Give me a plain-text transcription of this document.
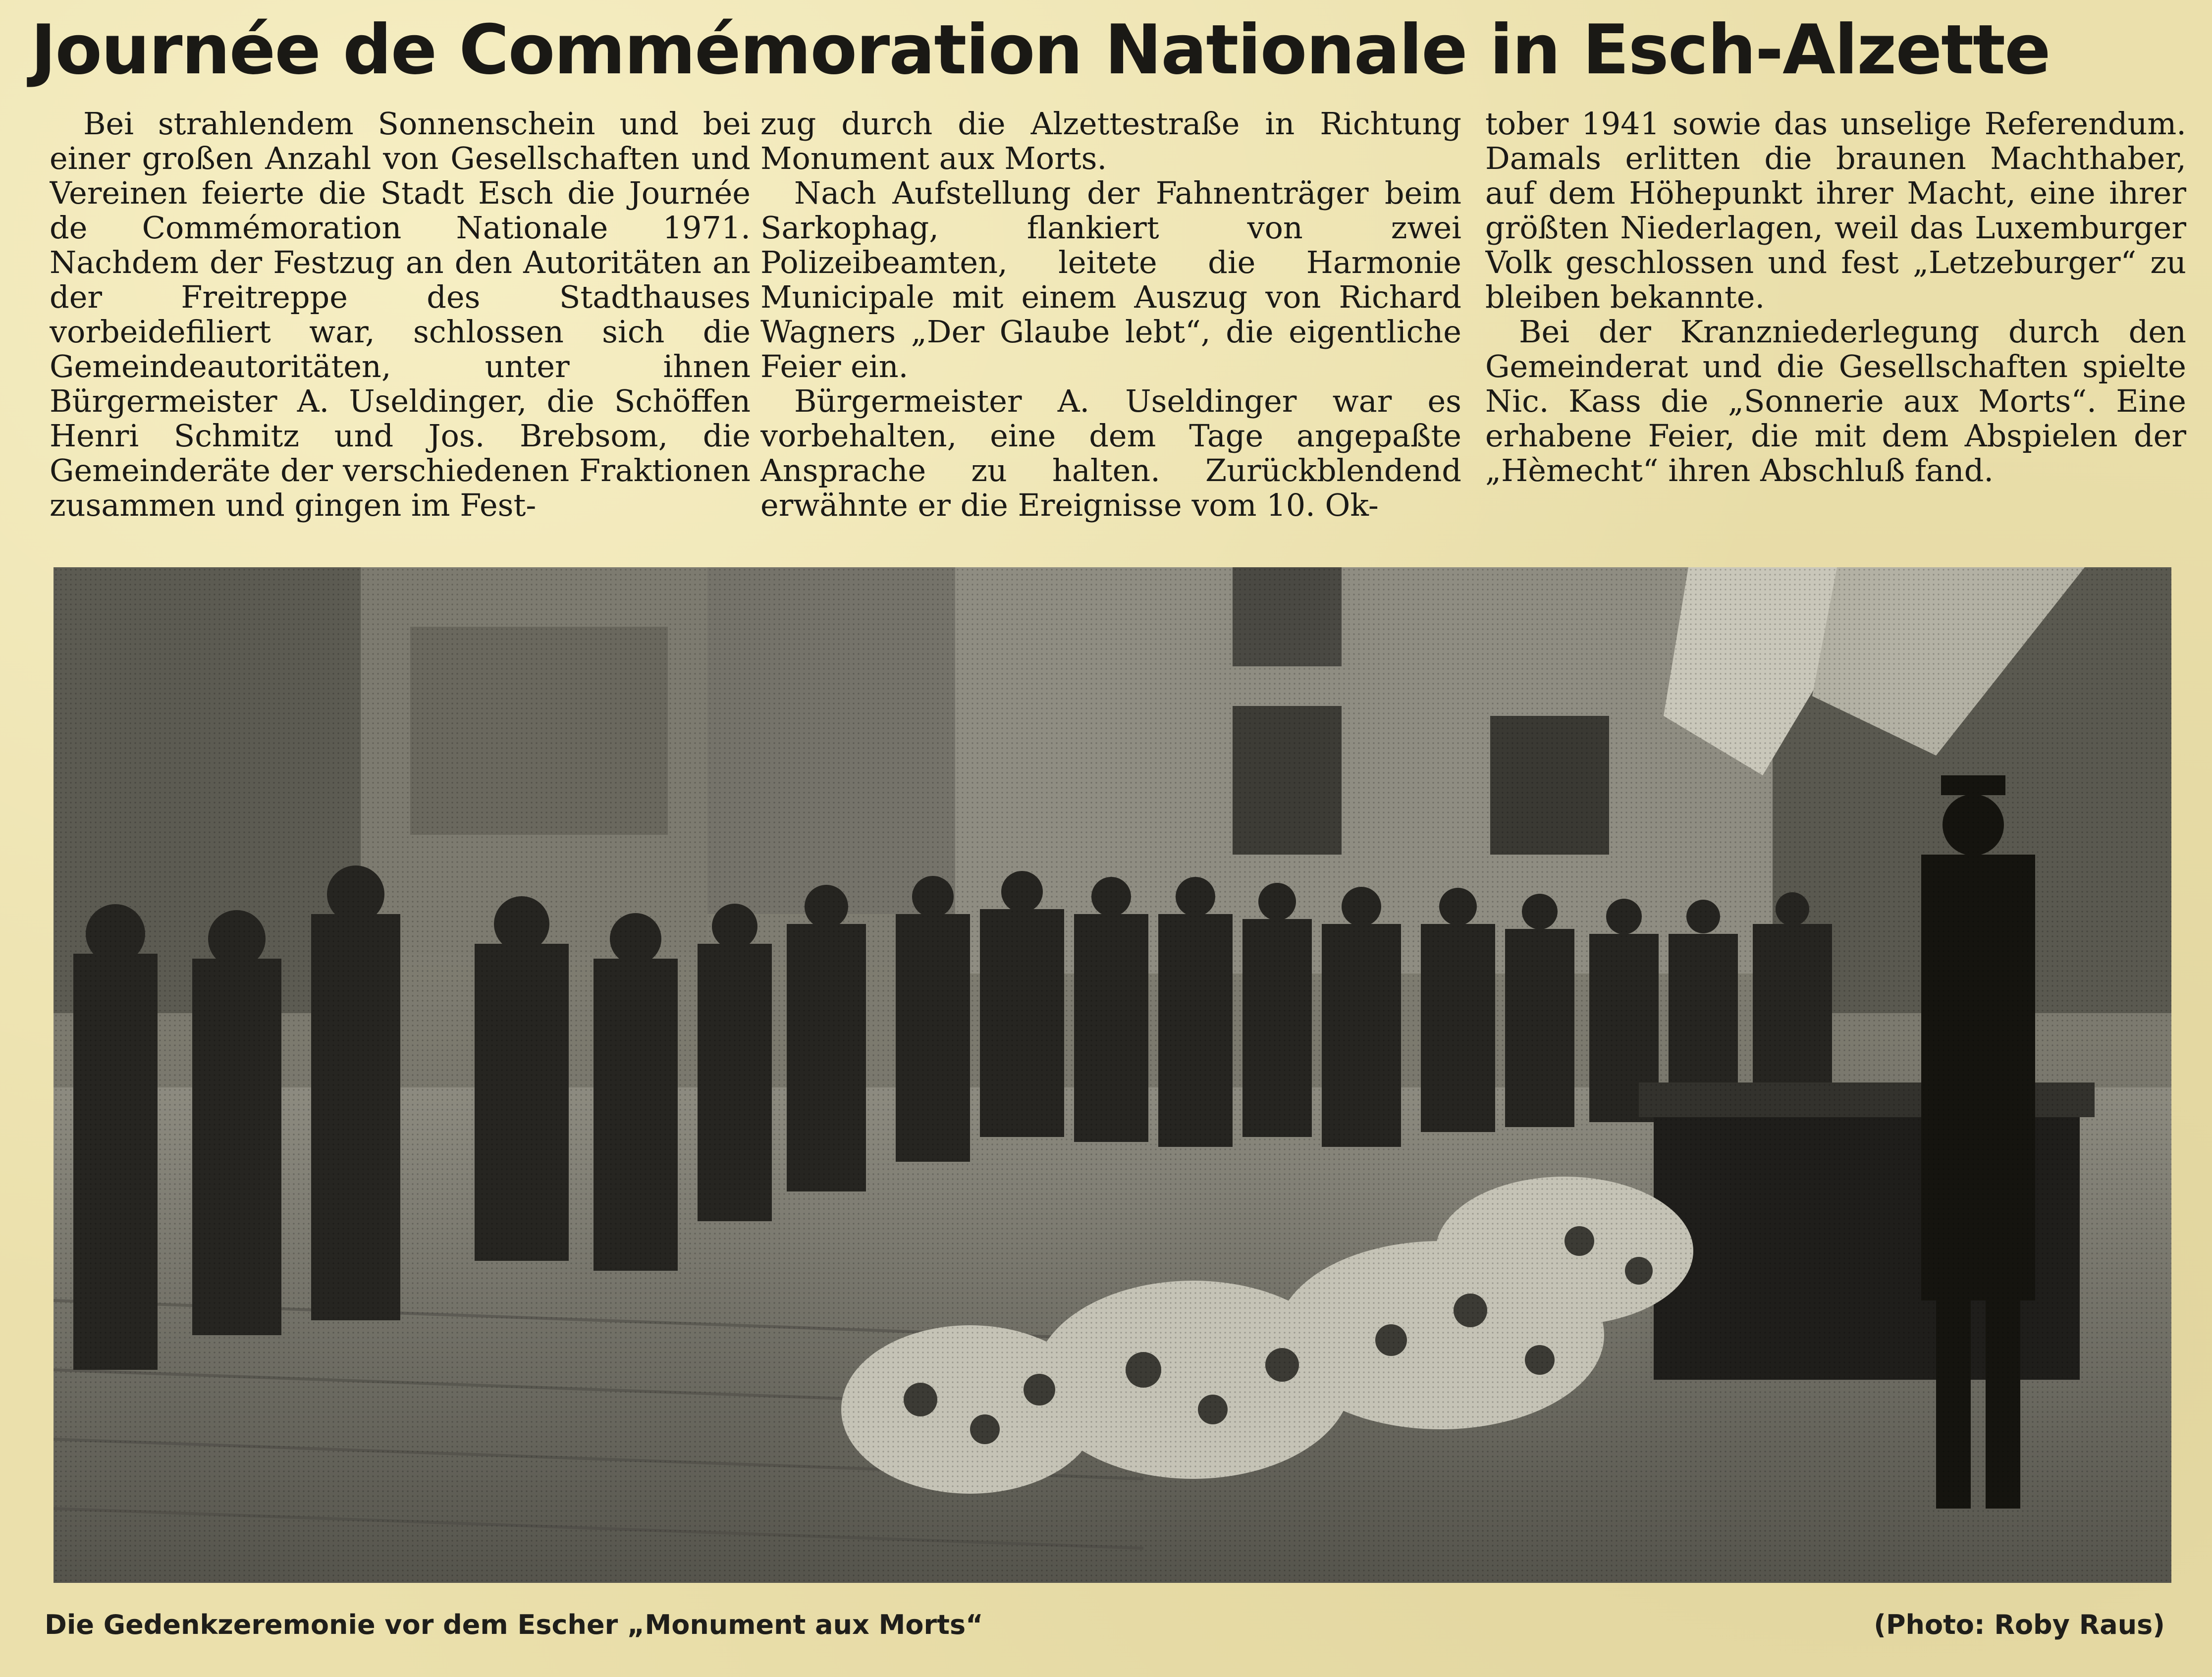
Journée de Commémoration Nationale in Esch-Alzette

Bei strahlendem Sonnenschein und bei einer großen Anzahl von Gesellschaften und Vereinen feierte die Stadt Esch die Journée de Commémoration Nationale 1971. Nachdem der Festzug an den Autoritäten an der Freitreppe des Stadthauses vorbeidefiliert war, schlossen sich die Gemeindeautoritäten, unter ihnen Bürgermeister A. Useldinger, die Schöffen Henri Schmitz und Jos. Brebsom, die Gemeinderäte der verschiedenen Fraktionen zusammen und gingen im Fest-

zug durch die Alzettestraße in Richtung Monument aux Morts.

Nach Aufstellung der Fahnenträger beim Sarkophag, flankiert von zwei Polizeibeamten, leitete die Harmonie Municipale mit einem Auszug von Richard Wagners „Der Glaube lebt“, die eigentliche Feier ein.

Bürgermeister A. Useldinger war es vorbehalten, eine dem Tage angepaßte Ansprache zu halten. Zurückblendend erwähnte er die Ereignisse vom 10. Ok-

tober 1941 sowie das unselige Referendum. Damals erlitten die braunen Machthaber, auf dem Höhepunkt ihrer Macht, eine ihrer größten Niederlagen, weil das Luxemburger Volk geschlossen und fest „Letzeburger“ zu bleiben bekannte.

Bei der Kranzniederlegung durch den Gemeinderat und die Gesellschaften spielte Nic. Kass die „Sonnerie aux Morts“. Eine erhabene Feier, die mit dem Abspielen der „Hèmecht“ ihren Abschluß fand.

Die Gedenkzeremonie vor dem Escher „Monument aux Morts“	(Photo: Roby Raus)
